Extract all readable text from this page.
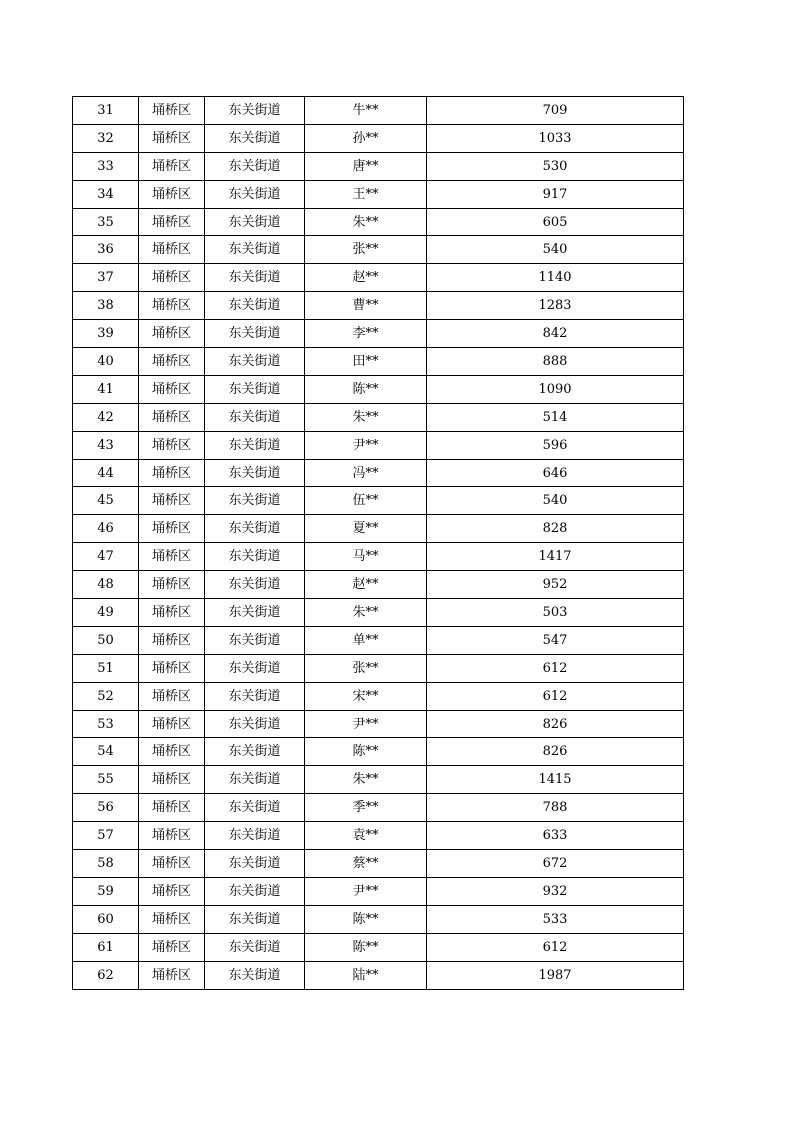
31	埇桥区	东关街道	牛**	709
32	埇桥区	东关街道	孙**	1033
33	埇桥区	东关街道	唐**	530
34	埇桥区	东关街道	王**	917
35	埇桥区	东关街道	朱**	605
36	埇桥区	东关街道	张**	540
37	埇桥区	东关街道	赵**	1140
38	埇桥区	东关街道	曹**	1283
39	埇桥区	东关街道	李**	842
40	埇桥区	东关街道	田**	888
41	埇桥区	东关街道	陈**	1090
42	埇桥区	东关街道	朱**	514
43	埇桥区	东关街道	尹**	596
44	埇桥区	东关街道	冯**	646
45	埇桥区	东关街道	伍**	540
46	埇桥区	东关街道	夏**	828
47	埇桥区	东关街道	马**	1417
48	埇桥区	东关街道	赵**	952
49	埇桥区	东关街道	朱**	503
50	埇桥区	东关街道	单**	547
51	埇桥区	东关街道	张**	612
52	埇桥区	东关街道	宋**	612
53	埇桥区	东关街道	尹**	826
54	埇桥区	东关街道	陈**	826
55	埇桥区	东关街道	朱**	1415
56	埇桥区	东关街道	季**	788
57	埇桥区	东关街道	袁**	633
58	埇桥区	东关街道	蔡**	672
59	埇桥区	东关街道	尹**	932
60	埇桥区	东关街道	陈**	533
61	埇桥区	东关街道	陈**	612
62	埇桥区	东关街道	陆**	1987
